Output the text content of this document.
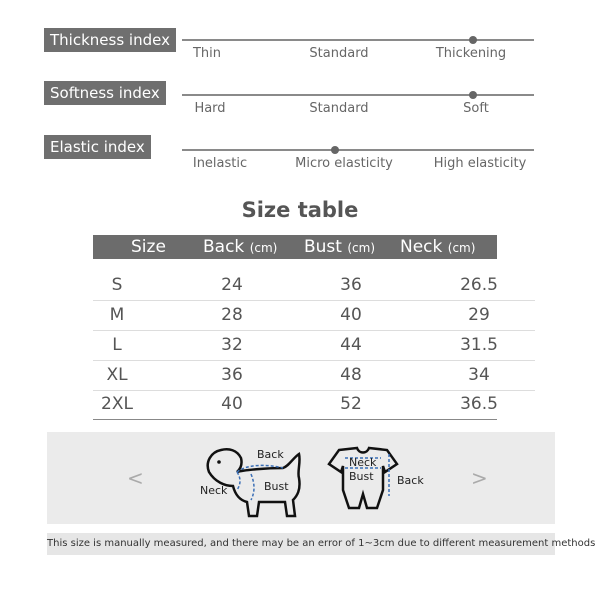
Thickness index
Thin	Standard	Thickening
Softness index
Hard	Standard	Soft
Elastic index
Inelastic	Micro elasticity	High elasticity
Size table
Size Back (cm) Bust (cm) Neck (cm)
S	24	36	26.5
M	28	40	29
L	32	44	31.5
XL	36	48	34
2XL	40	52	36.5
<	>
Back
Neck	Bust
Neck
Bust Back
This size is manually measured, and there may be an error of 1~3cm due to different measurement methods
